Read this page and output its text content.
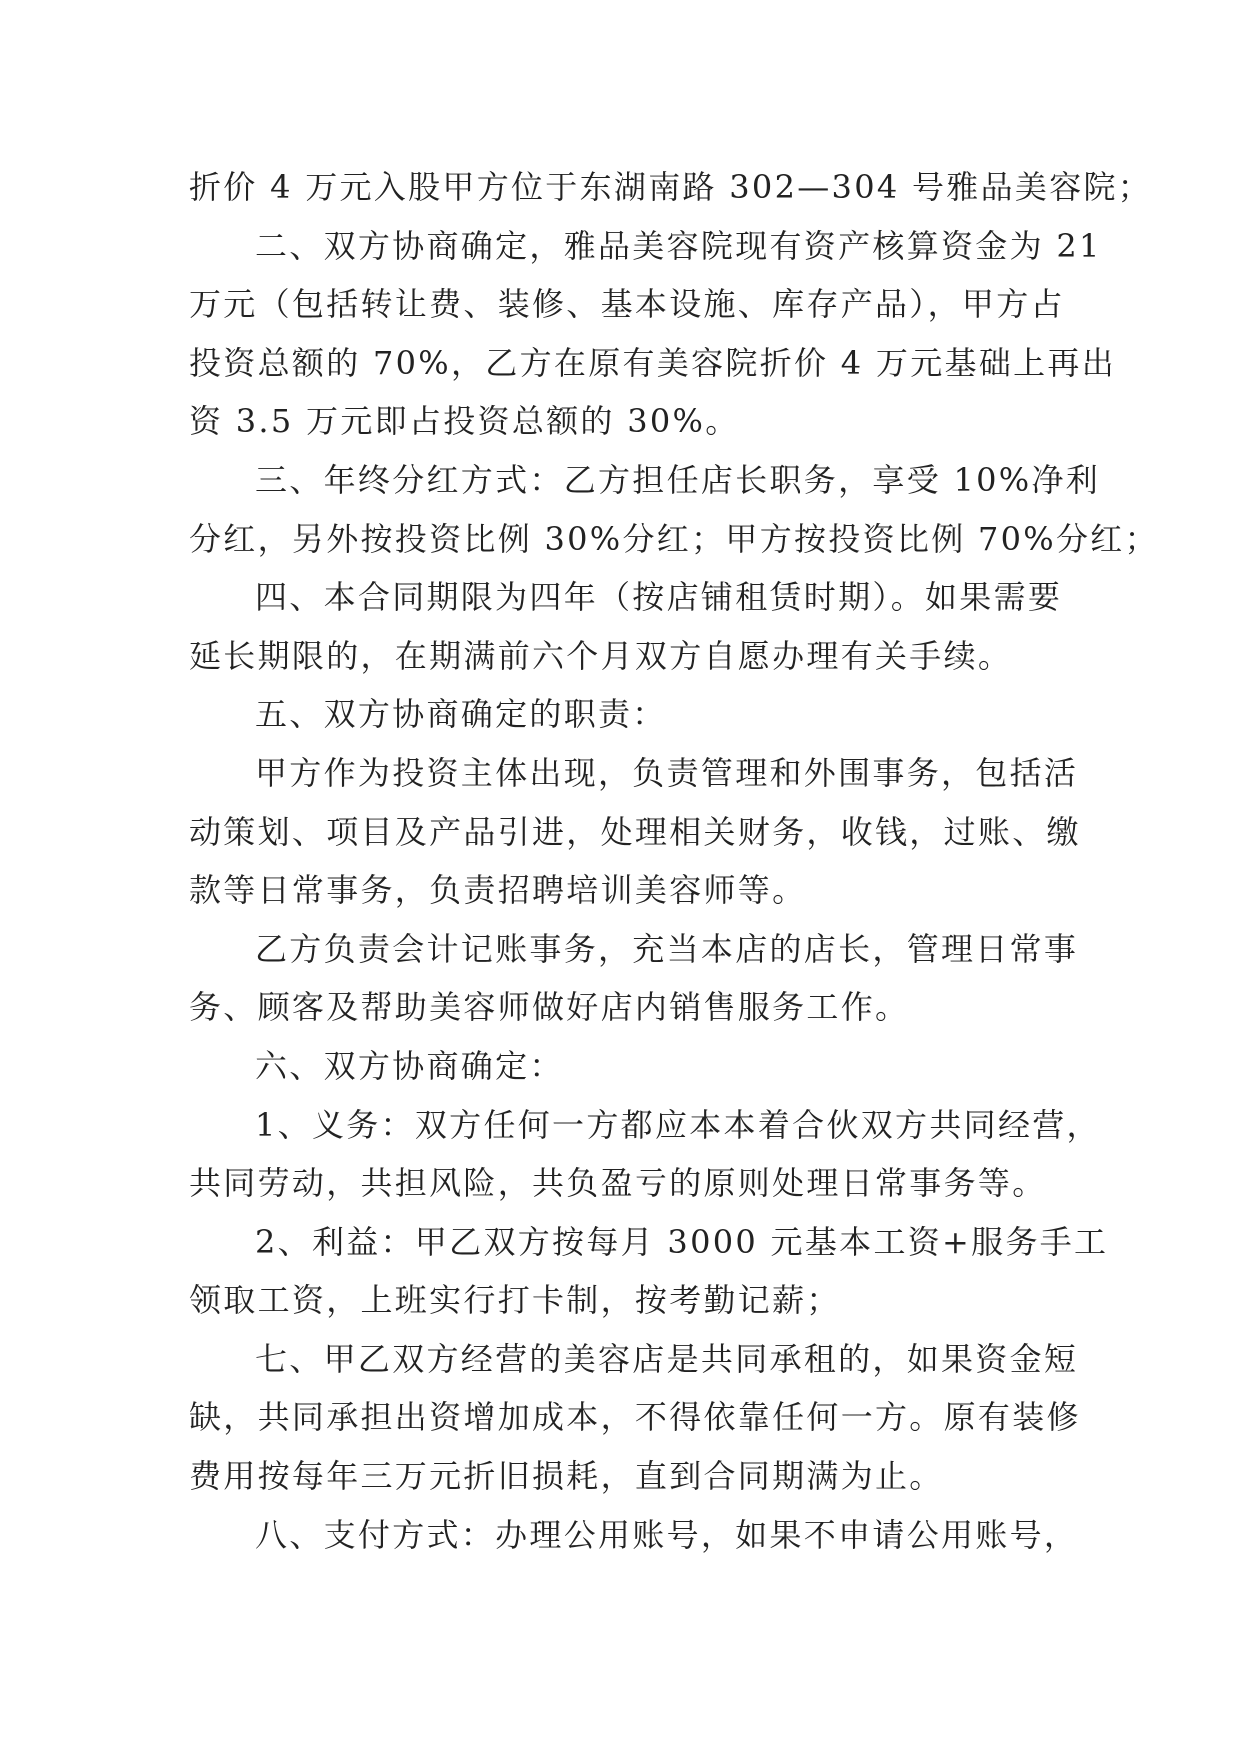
折价 4 万元入股甲方位于东湖南路 302—304 号雅品美容院；
二、双方协商确定，雅品美容院现有资产核算资金为 21
万元（包括转让费、装修、基本设施、库存产品），甲方占
投资总额的 70%，乙方在原有美容院折价 4 万元基础上再出
资 3.5 万元即占投资总额的 30%。
三、年终分红方式：乙方担任店长职务，享受 10%净利
分红，另外按投资比例 30%分红；甲方按投资比例 70%分红；
四、本合同期限为四年（按店铺租赁时期）。如果需要
延长期限的，在期满前六个月双方自愿办理有关手续。
五、双方协商确定的职责：
甲方作为投资主体出现，负责管理和外围事务，包括活
动策划、项目及产品引进，处理相关财务，收钱，过账、缴
款等日常事务，负责招聘培训美容师等。
乙方负责会计记账事务，充当本店的店长，管理日常事
务、顾客及帮助美容师做好店内销售服务工作。
六、双方协商确定：
1、义务：双方任何一方都应本本着合伙双方共同经营，
共同劳动，共担风险，共负盈亏的原则处理日常事务等。
2、利益：甲乙双方按每月 3000 元基本工资+服务手工
领取工资，上班实行打卡制，按考勤记薪；
七、甲乙双方经营的美容店是共同承租的，如果资金短
缺，共同承担出资增加成本，不得依靠任何一方。原有装修
费用按每年三万元折旧损耗，直到合同期满为止。
八、支付方式：办理公用账号，如果不申请公用账号，
